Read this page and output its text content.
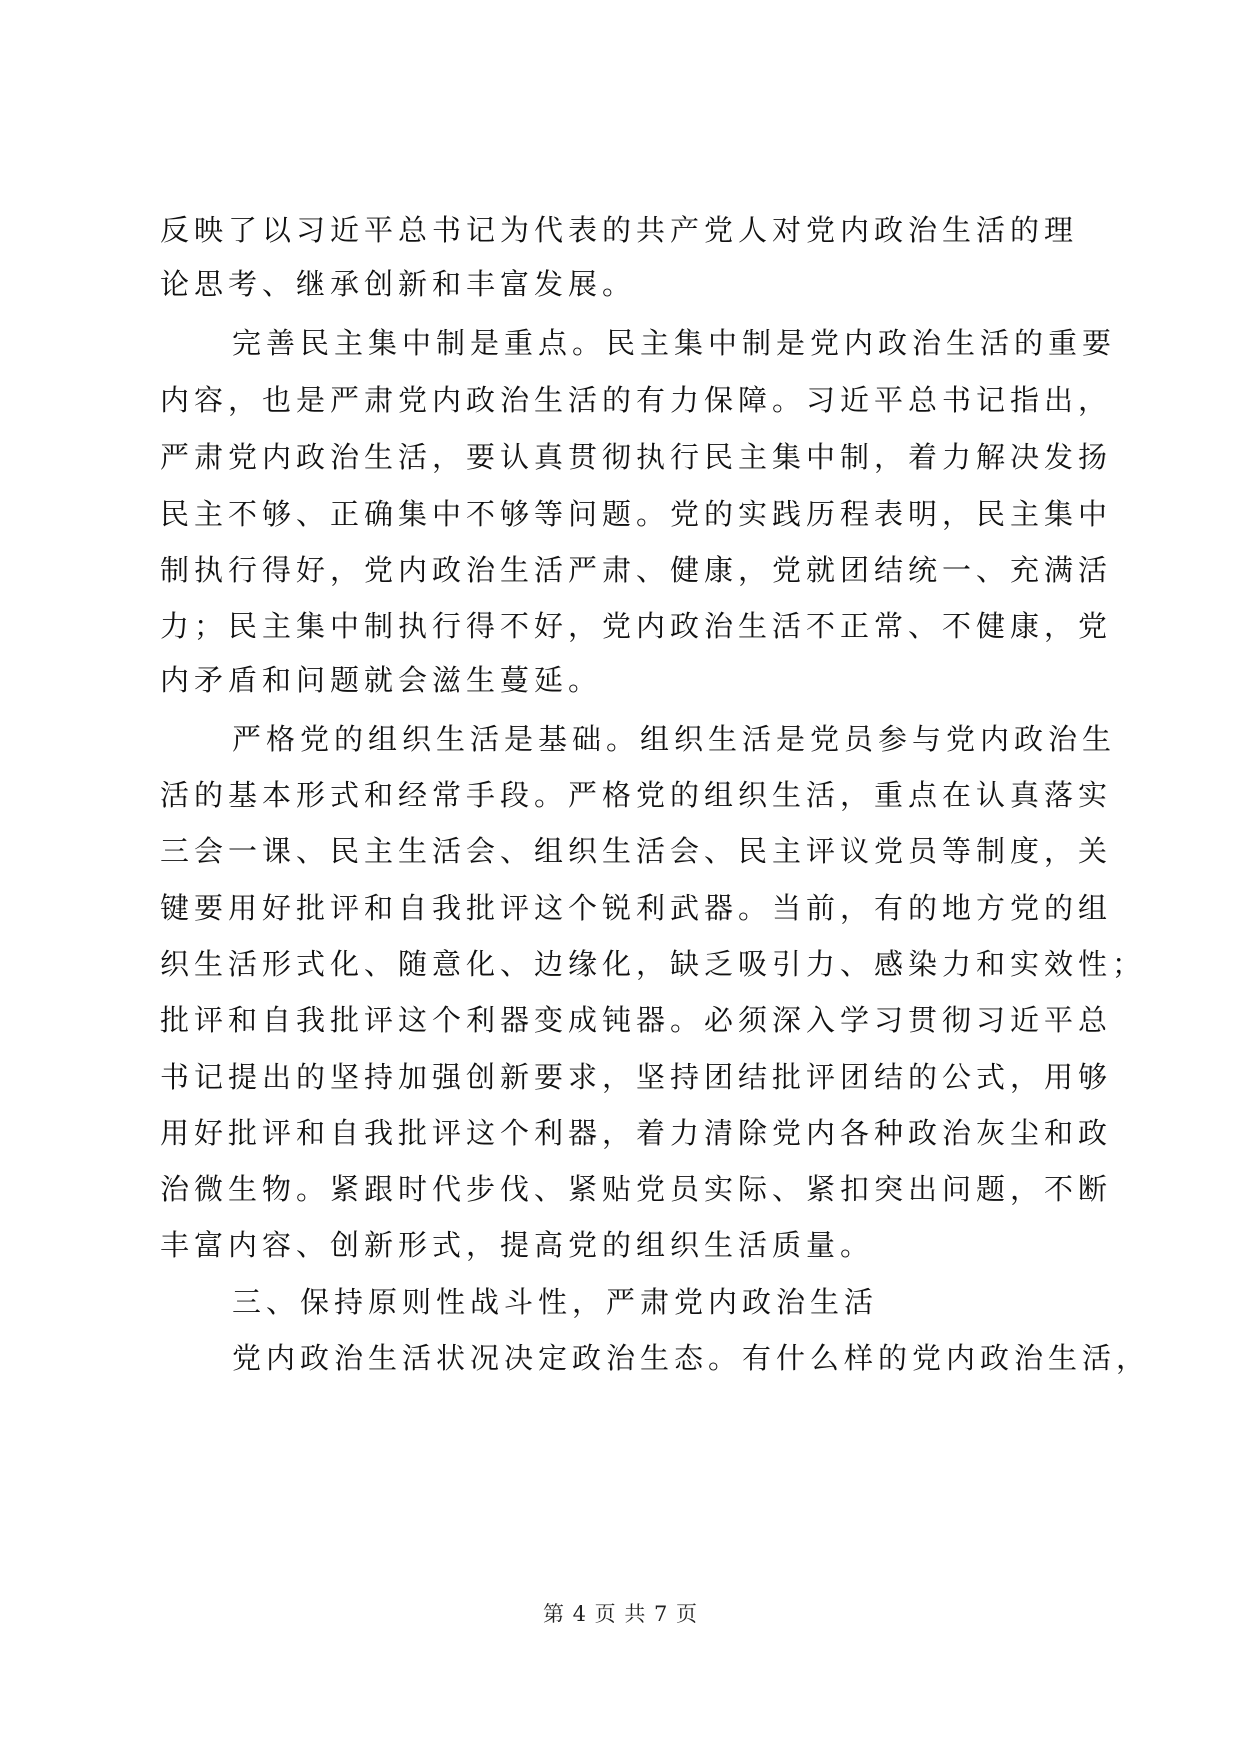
反映了以习近平总书记为代表的共产党人对党内政治生活的理
论思考、继承创新和丰富发展。
完善民主集中制是重点。民主集中制是党内政治生活的重要
内容，也是严肃党内政治生活的有力保障。习近平总书记指出，
严肃党内政治生活，要认真贯彻执行民主集中制，着力解决发扬
民主不够、正确集中不够等问题。党的实践历程表明，民主集中
制执行得好，党内政治生活严肃、健康，党就团结统一、充满活
力；民主集中制执行得不好，党内政治生活不正常、不健康，党
内矛盾和问题就会滋生蔓延。
严格党的组织生活是基础。组织生活是党员参与党内政治生
活的基本形式和经常手段。严格党的组织生活，重点在认真落实
三会一课、民主生活会、组织生活会、民主评议党员等制度，关
键要用好批评和自我批评这个锐利武器。当前，有的地方党的组
织生活形式化、随意化、边缘化，缺乏吸引力、感染力和实效性；
批评和自我批评这个利器变成钝器。必须深入学习贯彻习近平总
书记提出的坚持加强创新要求，坚持团结批评团结的公式，用够
用好批评和自我批评这个利器，着力清除党内各种政治灰尘和政
治微生物。紧跟时代步伐、紧贴党员实际、紧扣突出问题，不断
丰富内容、创新形式，提高党的组织生活质量。
三、保持原则性战斗性，严肃党内政治生活
党内政治生活状况决定政治生态。有什么样的党内政治生活，
第 4 页 共 7 页
